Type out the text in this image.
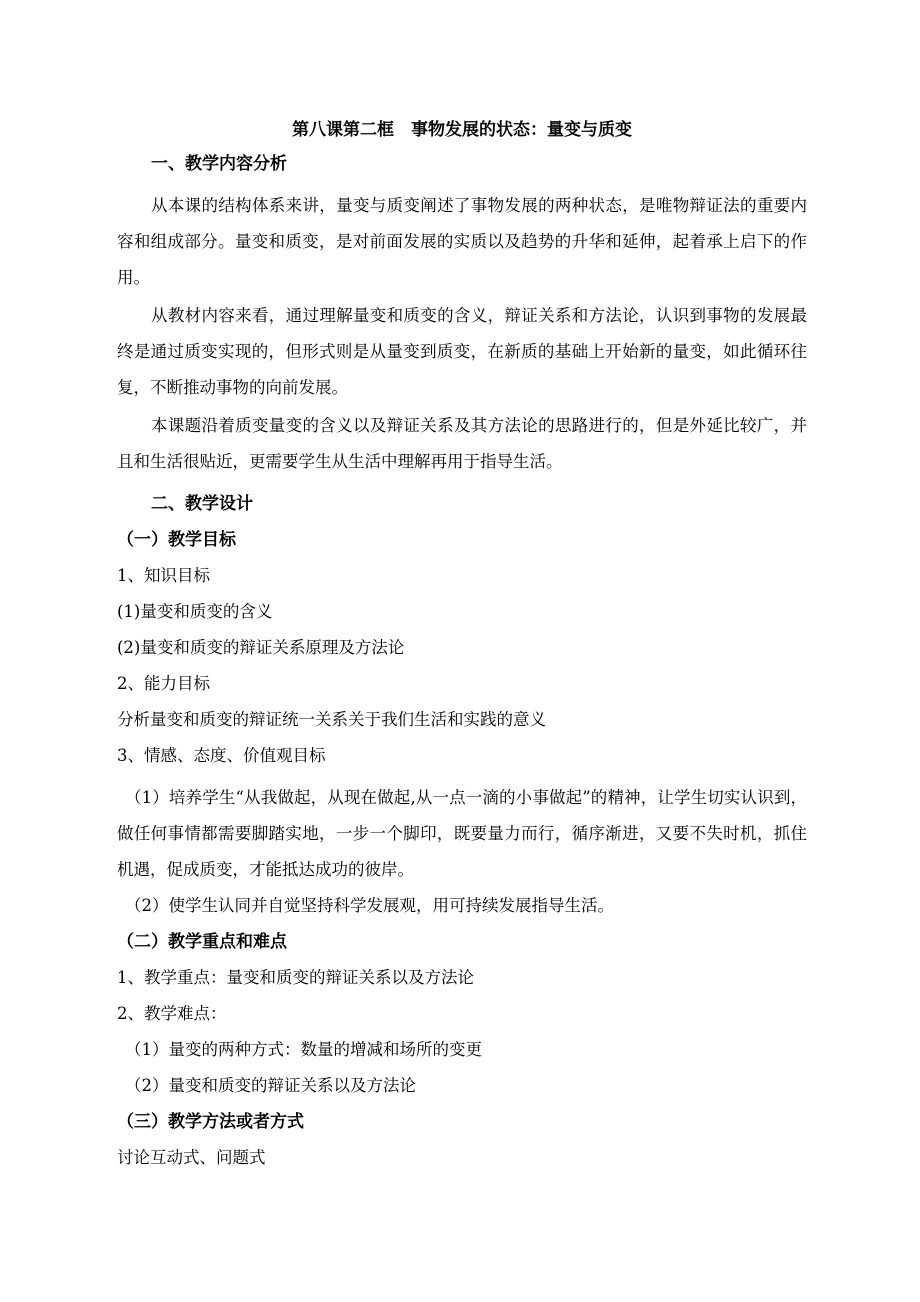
第八课第二框　事物发展的状态：量变与质变
一、教学内容分析
从本课的结构体系来讲，量变与质变阐述了事物发展的两种状态，是唯物辩证法的重要内容和组成部分。量变和质变，是对前面发展的实质以及趋势的升华和延伸，起着承上启下的作用。
从教材内容来看，通过理解量变和质变的含义，辩证关系和方法论，认识到事物的发展最终是通过质变实现的，但形式则是从量变到质变，在新质的基础上开始新的量变，如此循环往复，不断推动事物的向前发展。
本课题沿着质变量变的含义以及辩证关系及其方法论的思路进行的，但是外延比较广，并且和生活很贴近，更需要学生从生活中理解再用于指导生活。
二、教学设计
（一）教学目标
1、知识目标
(1)量变和质变的含义
(2)量变和质变的辩证关系原理及方法论
2、能力目标
分析量变和质变的辩证统一关系关于我们生活和实践的意义
3、情感、态度、价值观目标
（1）培养学生“从我做起，从现在做起,从一点一滴的小事做起”的精神，让学生切实认识到，做任何事情都需要脚踏实地，一步一个脚印，既要量力而行，循序渐进，又要不失时机，抓住机遇，促成质变，才能抵达成功的彼岸。
（2）使学生认同并自觉坚持科学发展观，用可持续发展指导生活。
（二）教学重点和难点
1、教学重点：量变和质变的辩证关系以及方法论
2、教学难点：
（1）量变的两种方式：数量的增减和场所的变更
（2）量变和质变的辩证关系以及方法论
（三）教学方法或者方式
讨论互动式、问题式
